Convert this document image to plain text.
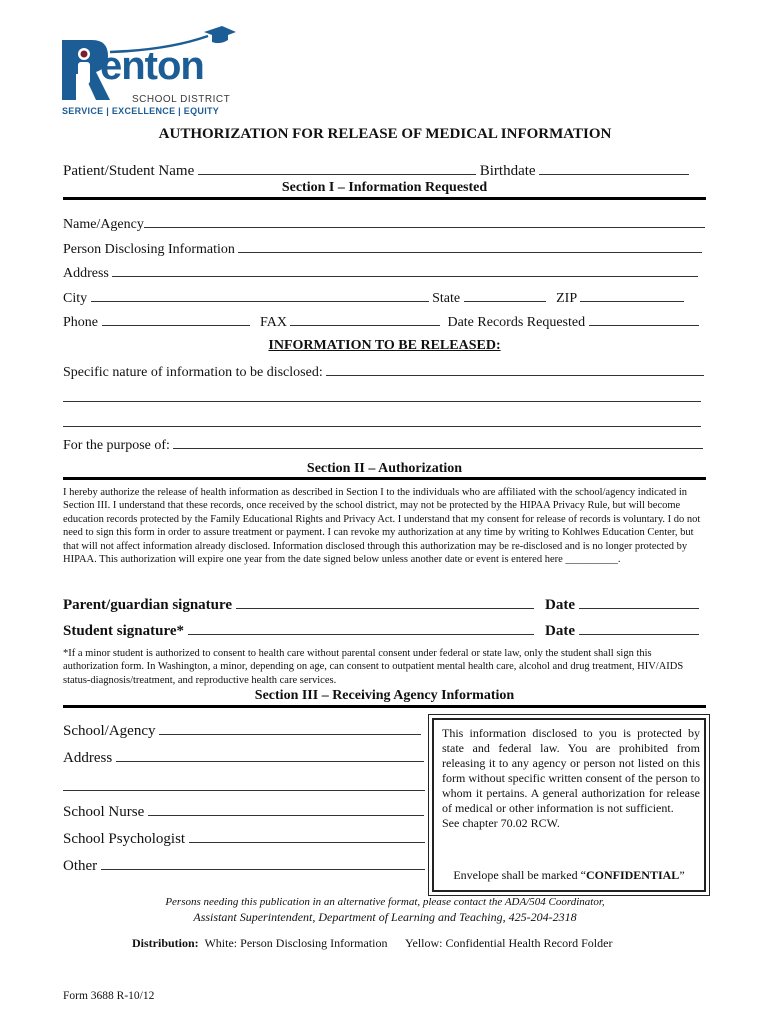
enton
SCHOOL DISTRICT
SERVICE | EXCELLENCE | EQUITY
AUTHORIZATION FOR RELEASE OF MEDICAL INFORMATION
Patient/Student Name	Birthdate
Section I – Information Requested
Name/Agency
Person Disclosing Information
Address
City	State	ZIP
Phone	FAX	Date Records Requested
INFORMATION TO BE RELEASED:
Specific nature of information to be disclosed:
For the purpose of:
Section II – Authorization
I hereby authorize the release of health information as described in Section I to the individuals who are affiliated with the school/agency indicated in Section III. I understand that these records, once received by the school district, may not be protected by the HIPAA Privacy Rule, but will become education records protected by the Family Educational Rights and Privacy Act. I understand that my consent for release of records is voluntary. I do not need to sign this form in order to assure treatment or payment. I can revoke my authorization at any time by writing to Kohlwes Education Center, but that will not affect information already disclosed. Information disclosed through this authorization may be re-disclosed and is no longer protected by HIPAA. This authorization will expire one year from the date signed below unless another date or event is entered here __________.
Parent/guardian signature	Date
Student signature*	Date
*If a minor student is authorized to consent to health care without parental consent under federal or state law, only the student shall sign this authorization form. In Washington, a minor, depending on age, can consent to outpatient mental health care, alcohol and drug treatment, HIV/AIDS status-diagnosis/treatment, and reproductive health care services.
Section III – Receiving Agency Information
School/Agency
Address
School Nurse
School Psychologist
Other
This information disclosed to you is protected by state and federal law. You are prohibited from releasing it to any agency or person not listed on this form without specific written consent of the person to whom it pertains. A general authorization for release of medical or other information is not sufficient.
See chapter 70.02 RCW.
Envelope shall be marked “CONFIDENTIAL”
Persons needing this publication in an alternative format, please contact the ADA/504 Coordinator,
Assistant Superintendent, Department of Learning and Teaching, 425-204-2318
Distribution: White: Person Disclosing Information Yellow: Confidential Health Record Folder
Form 3688 R-10/12
